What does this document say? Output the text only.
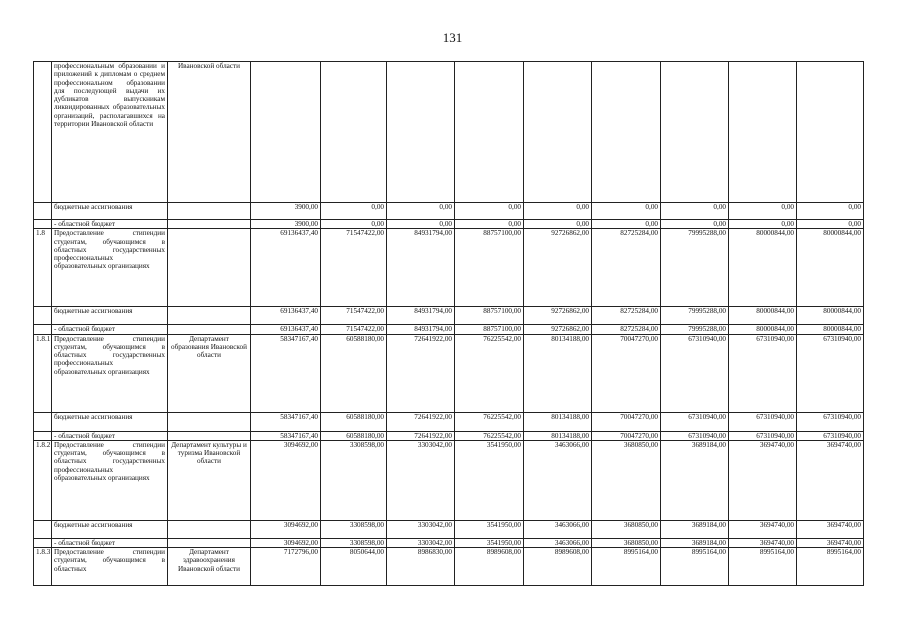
131
	профессиональным образовании и приложений к дипломам о среднем профессиональном образовании для последующей выдачи их дубликатов выпускникам ликвидированных образовательных организаций, располагавшихся на территории Ивановской области	Ивановской области									
	бюджетные ассигнования		3900,00	0,00	0,00	0,00	0,00	0,00	0,00	0,00	0,00
	- областной бюджет		3900,00	0,00	0,00	0,00	0,00	0,00	0,00	0,00	0,00
1.8	Предоставление стипендии студентам, обучающимся в областных государственных профессиональных образовательных организациях		69136437,40	71547422,00	84931794,00	88757100,00	92726862,00	82725284,00	79995288,00	80000844,00	80000844,00
	бюджетные ассигнования		69136437,40	71547422,00	84931794,00	88757100,00	92726862,00	82725284,00	79995288,00	80000844,00	80000844,00
	- областной бюджет		69136437,40	71547422,00	84931794,00	88757100,00	92726862,00	82725284,00	79995288,00	80000844,00	80000844,00
1.8.1	Предоставление стипендии студентам, обучающимся в областных государственных профессиональных образовательных организациях	Департамент образования Ивановской области	58347167,40	60588180,00	72641922,00	76225542,00	80134188,00	70047270,00	67310940,00	67310940,00	67310940,00
	бюджетные ассигнования		58347167,40	60588180,00	72641922,00	76225542,00	80134188,00	70047270,00	67310940,00	67310940,00	67310940,00
	- областной бюджет		58347167,40	60588180,00	72641922,00	76225542,00	80134188,00	70047270,00	67310940,00	67310940,00	67310940,00
1.8.2	Предоставление стипендии студентам, обучающимся в областных государственных профессиональных образовательных организациях	Департамент культуры и туризма Ивановской области	3094692,00	3308598,00	3303042,00	3541950,00	3463066,00	3680850,00	3689184,00	3694740,00	3694740,00
	бюджетные ассигнования		3094692,00	3308598,00	3303042,00	3541950,00	3463066,00	3680850,00	3689184,00	3694740,00	3694740,00
	- областной бюджет		3094692,00	3308598,00	3303042,00	3541950,00	3463066,00	3680850,00	3689184,00	3694740,00	3694740,00
1.8.3	Предоставление стипендии студентам, обучающимся в областных	Департамент здравоохранения Ивановской области	7172796,00	8050644,00	8986830,00	8989608,00	8989608,00	8995164,00	8995164,00	8995164,00	8995164,00
